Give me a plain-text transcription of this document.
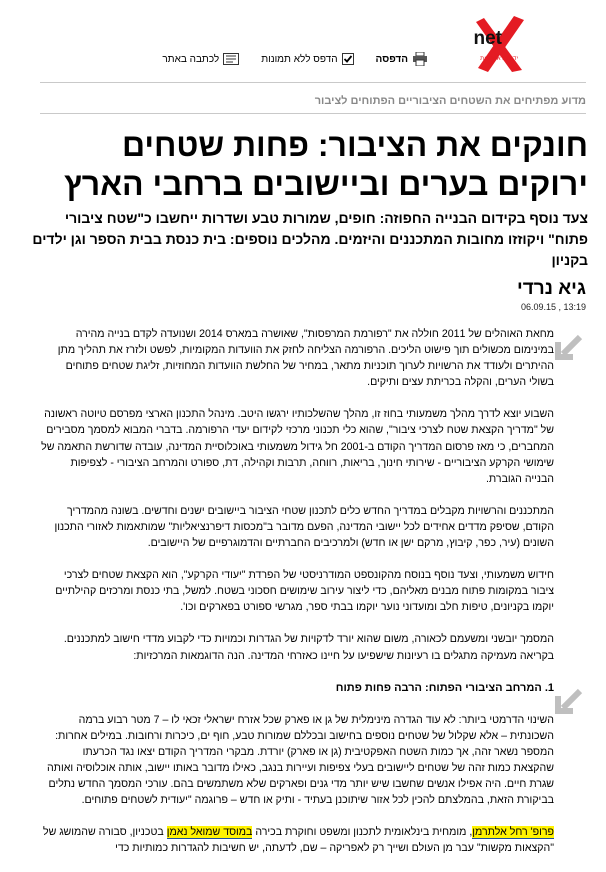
net
ידיעות אחרונות
הדפסה
הדפס ללא תמונות
לכתבה באתר
מדוע מפתיחים את השטחים הציבוריים הפתוחים לציבור
חונקים את הציבור: פחות שטחים ירוקים בערים וביישובים ברחבי הארץ

צעד נוסף בקידום הבנייה החפוזה: חופים, שמורות טבע ושדרות ייחשבו כ"שטח ציבורי פתוח" ויקוזזו מחובות המתכננים והיזמים. מהלכים נוספים: בית כנסת בבית הספר וגן ילדים בקניון

גיא נרדי
06.09.15 , 13:19

מחאת האוהלים של 2011 חוללה את "רפורמת המרפסות", שאושרה במארס 2014 ושנועדה לקדם בנייה מהירה במינימום מכשולים תוך פישוט הליכים. הרפורמה הצליחה לחזק את הוועדות המקומיות, לפשט ולזרז את תהליך מתן ההיתרים ולעודד את הרשויות לערוך תוכניות מתאר, במחיר של החלשת הוועדות המחוזיות, זליגת שטחים פתוחים בשולי הערים, והקלה בכריתת עצים ותיקים.

השבוע יוצא לדרך מהלך משמעותי בחוז זו, מהלך שהשלכותיו ירגשו היטב. מינהל התכנון הארצי מפרסם טיוטה ראשונה של "מדריך הקצאת שטח לצרכי ציבור", שהוא כלי תכנוני מרכזי לקידום יעדי הרפורמה. בדברי המבוא למסמך מסבירים המחברים, כי מאז פרסום המדריך הקודם ב-2001 חל גידול משמעותי באוכלוסיית המדינה, עובדה שדורשת התאמה של שימושי הקרקע הציבוריים - שירותי חינוך, בריאות, רווחה, תרבות וקהילה, דת, ספורט והמרחב הציבורי - לצפיפות הבנייה הגוברת.

המתכננים והרשויות מקבלים במדריך החדש כלים לתכנון שטחי הציבור ביישובים ישנים וחדשים. בשונה מהמדריך הקודם, שסיפק מדדים אחידים לכל יישובי המדינה, הפעם מדובר ב"מכסות דיפרנציאליות" שמותאמות לאזורי התכנון השונים (עיר, כפר, קיבוץ, מרקם ישן או חדש) ולמרכיבים החברתיים והדמוגרפיים של היישובים.

חידוש משמעותי, וצעד נוסף בנוסח מהקונספט המודרניסטי של הפרדת "יעודי הקרקע", הוא הקצאת שטחים לצרכי ציבור במקומות פתוח מבנים מאליהם, כדי ליצור עירוב שימושים חסכוני בשטח. למשל, בתי כנסת ומרכזים קהילתיים יוקמו בקניונים, טיפות חלב ומועדוני נוער יוקמו בבתי ספר, מגרשי ספורט בפארקים וכו'.

המסמך יובשני ומשעמם לכאורה, משום שהוא יורד לדקויות של הגדרות וכמויות כדי לקבוע מדדי חישוב למתכננים. בקריאה מעמיקה מתגלים בו רעיונות שישפיעו על חיינו כאזרחי המדינה. הנה הדוגמאות המרכזיות:

1. המרחב הציבורי הפתוח: הרבה פחות פתוח

השינוי הדרמטי ביותר: לא עוד הגדרה מינימלית של גן או פארק שכל אזרח ישראלי זכאי לו – 7 מטר רבוע ברמה השכונתית – אלא שקלול של שטחים נוספים בחישוב ובכללם שמורות טבע, חוף ים, כיכרות ורחובות. במילים אחרות: המספר נשאר זהה, אך כמות השטח האפקטיבית (גן או פארק) יורדת. מבקרי המדריך הקודם יצאו נגד הכרעתו שהקצאת כמות זהה של שטחים ליישובים בעלי צפיפות ועיירות בנגב, כאילו מדובר באותו יישוב, אותה אוכלוסיה ואותה שגרת חיים. היה אפילו אנשים שחשבו שיש יותר מדי גנים ופארקים שלא משתמשים בהם. עורכי המסמך החדש נתלים בביקורת הזאת, בהמלצתם להכין לכל אזור שיתוכנן בעתיד - ותיק או חדש – פרוגמה "יעודית לשטחים פתוחים.

פרופ' רחל אלתרמן, מומחית בינלאומית לתכנון ומשפט וחוקרת בכירה במוסד שמואל נאמן בטכניון, סבורה שהמושג של "הקצאות מקשות" עבר מן העולם ושייך רק לאפריקה – שם, לדעתה, יש חשיבות להגדרות כמותיות כדי
